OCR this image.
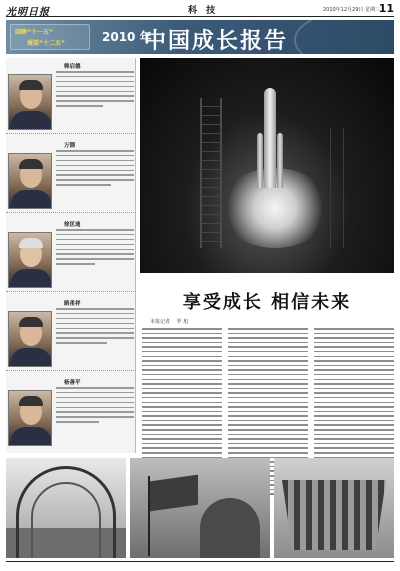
光明日报	科 技	2010年12月29日 星期三
11
回眸“十一五”
展望“十二五”	2010 年
中国成长报告
韩启德
万钢
徐匡迪
路甬祥
杨善平
享受成长 相信未来
本报记者 　罗 旭
